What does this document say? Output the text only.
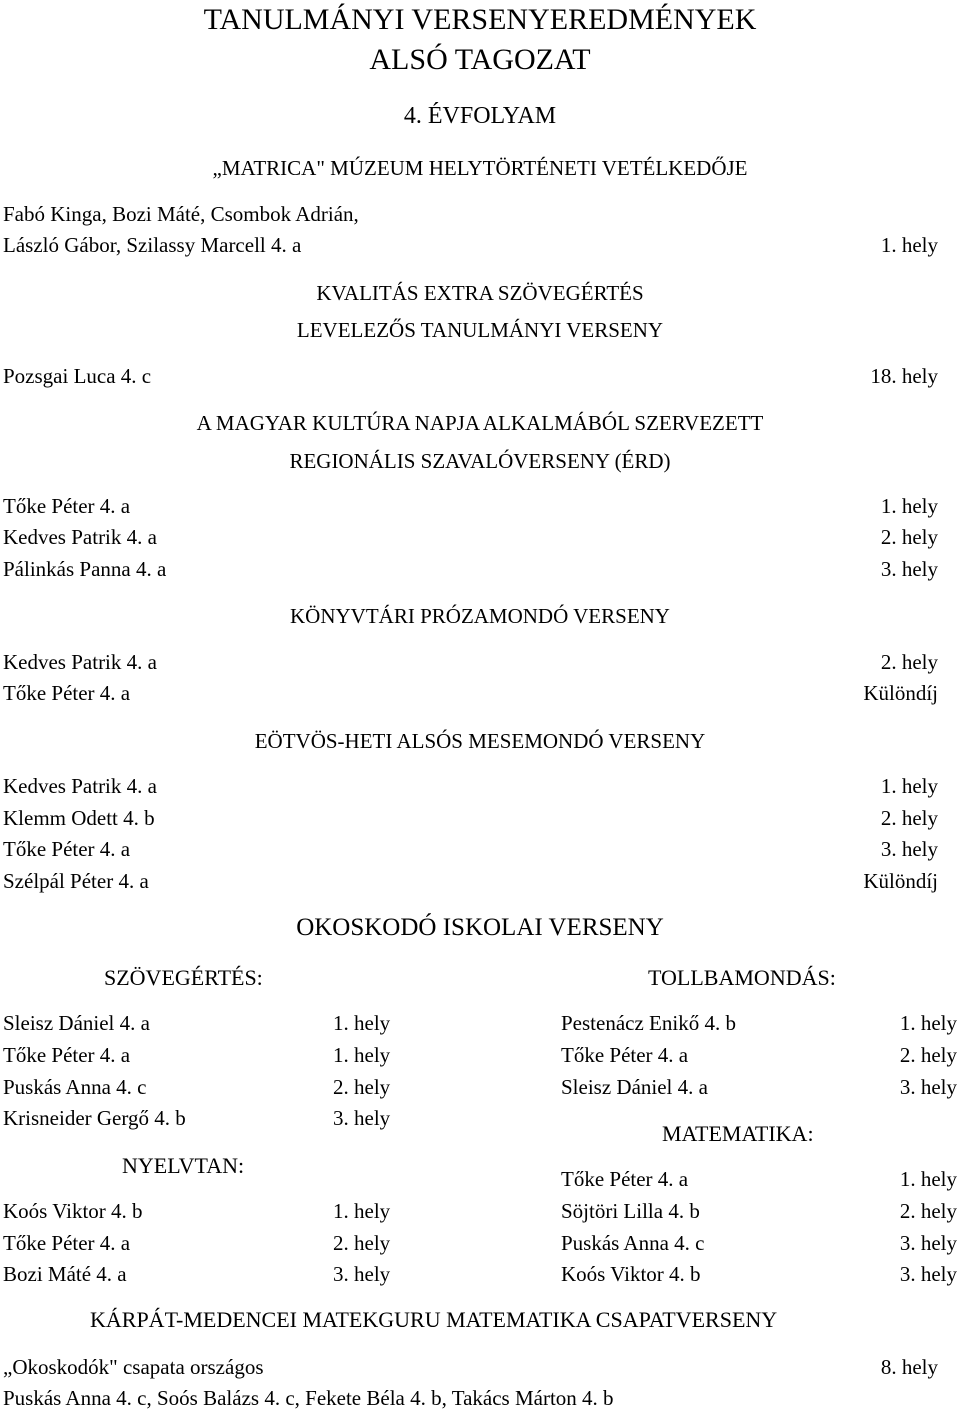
TANULMÁNYI VERSENYEREDMÉNYEK
ALSÓ TAGOZAT
4. ÉVFOLYAM
„MATRICA" MÚZEUM HELYTÖRTÉNETI VETÉLKEDŐJE
Fabó Kinga, Bozi Máté, Csombok Adrián,
László Gábor, Szilassy Marcell 4. a	1. hely
KVALITÁS EXTRA SZÖVEGÉRTÉS
LEVELEZŐS TANULMÁNYI VERSENY
Pozsgai Luca 4. c	18. hely
A MAGYAR KULTÚRA NAPJA ALKALMÁBÓL SZERVEZETT
REGIONÁLIS SZAVALÓVERSENY (ÉRD)
Tőke Péter 4. a	1. hely
Kedves Patrik 4. a	2. hely
Pálinkás Panna 4. a	3. hely
KÖNYVTÁRI PRÓZAMONDÓ VERSENY
Kedves Patrik 4. a	2. hely
Tőke Péter 4. a	Különdíj
EÖTVÖS-HETI ALSÓS MESEMONDÓ VERSENY
Kedves Patrik 4. a	1. hely
Klemm Odett 4. b	2. hely
Tőke Péter 4. a	3. hely
Szélpál Péter 4. a	Különdíj
OKOSKODÓ ISKOLAI VERSENY
SZÖVEGÉRTÉS:
Sleisz Dániel 4. a	1. hely
Tőke Péter 4. a	1. hely
Puskás Anna 4. c	2. hely
Krisneider Gergő 4. b	3. hely
NYELVTAN:
Koós Viktor 4. b	1. hely
Tőke Péter 4. a	2. hely
Bozi Máté 4. a	3. hely
TOLLBAMONDÁS:
Pestenácz Enikő 4. b	1. hely
Tőke Péter 4. a	2. hely
Sleisz Dániel 4. a	3. hely
MATEMATIKA:
Tőke Péter 4. a	1. hely
Söjtöri Lilla 4. b	2. hely
Puskás Anna 4. c	3. hely
Koós Viktor 4. b	3. hely
KÁRPÁT-MEDENCEI MATEKGURU MATEMATIKA CSAPATVERSENY
„Okoskodók" csapata országos	8. hely
Puskás Anna 4. c, Soós Balázs 4. c, Fekete Béla 4. b, Takács Márton 4. b
